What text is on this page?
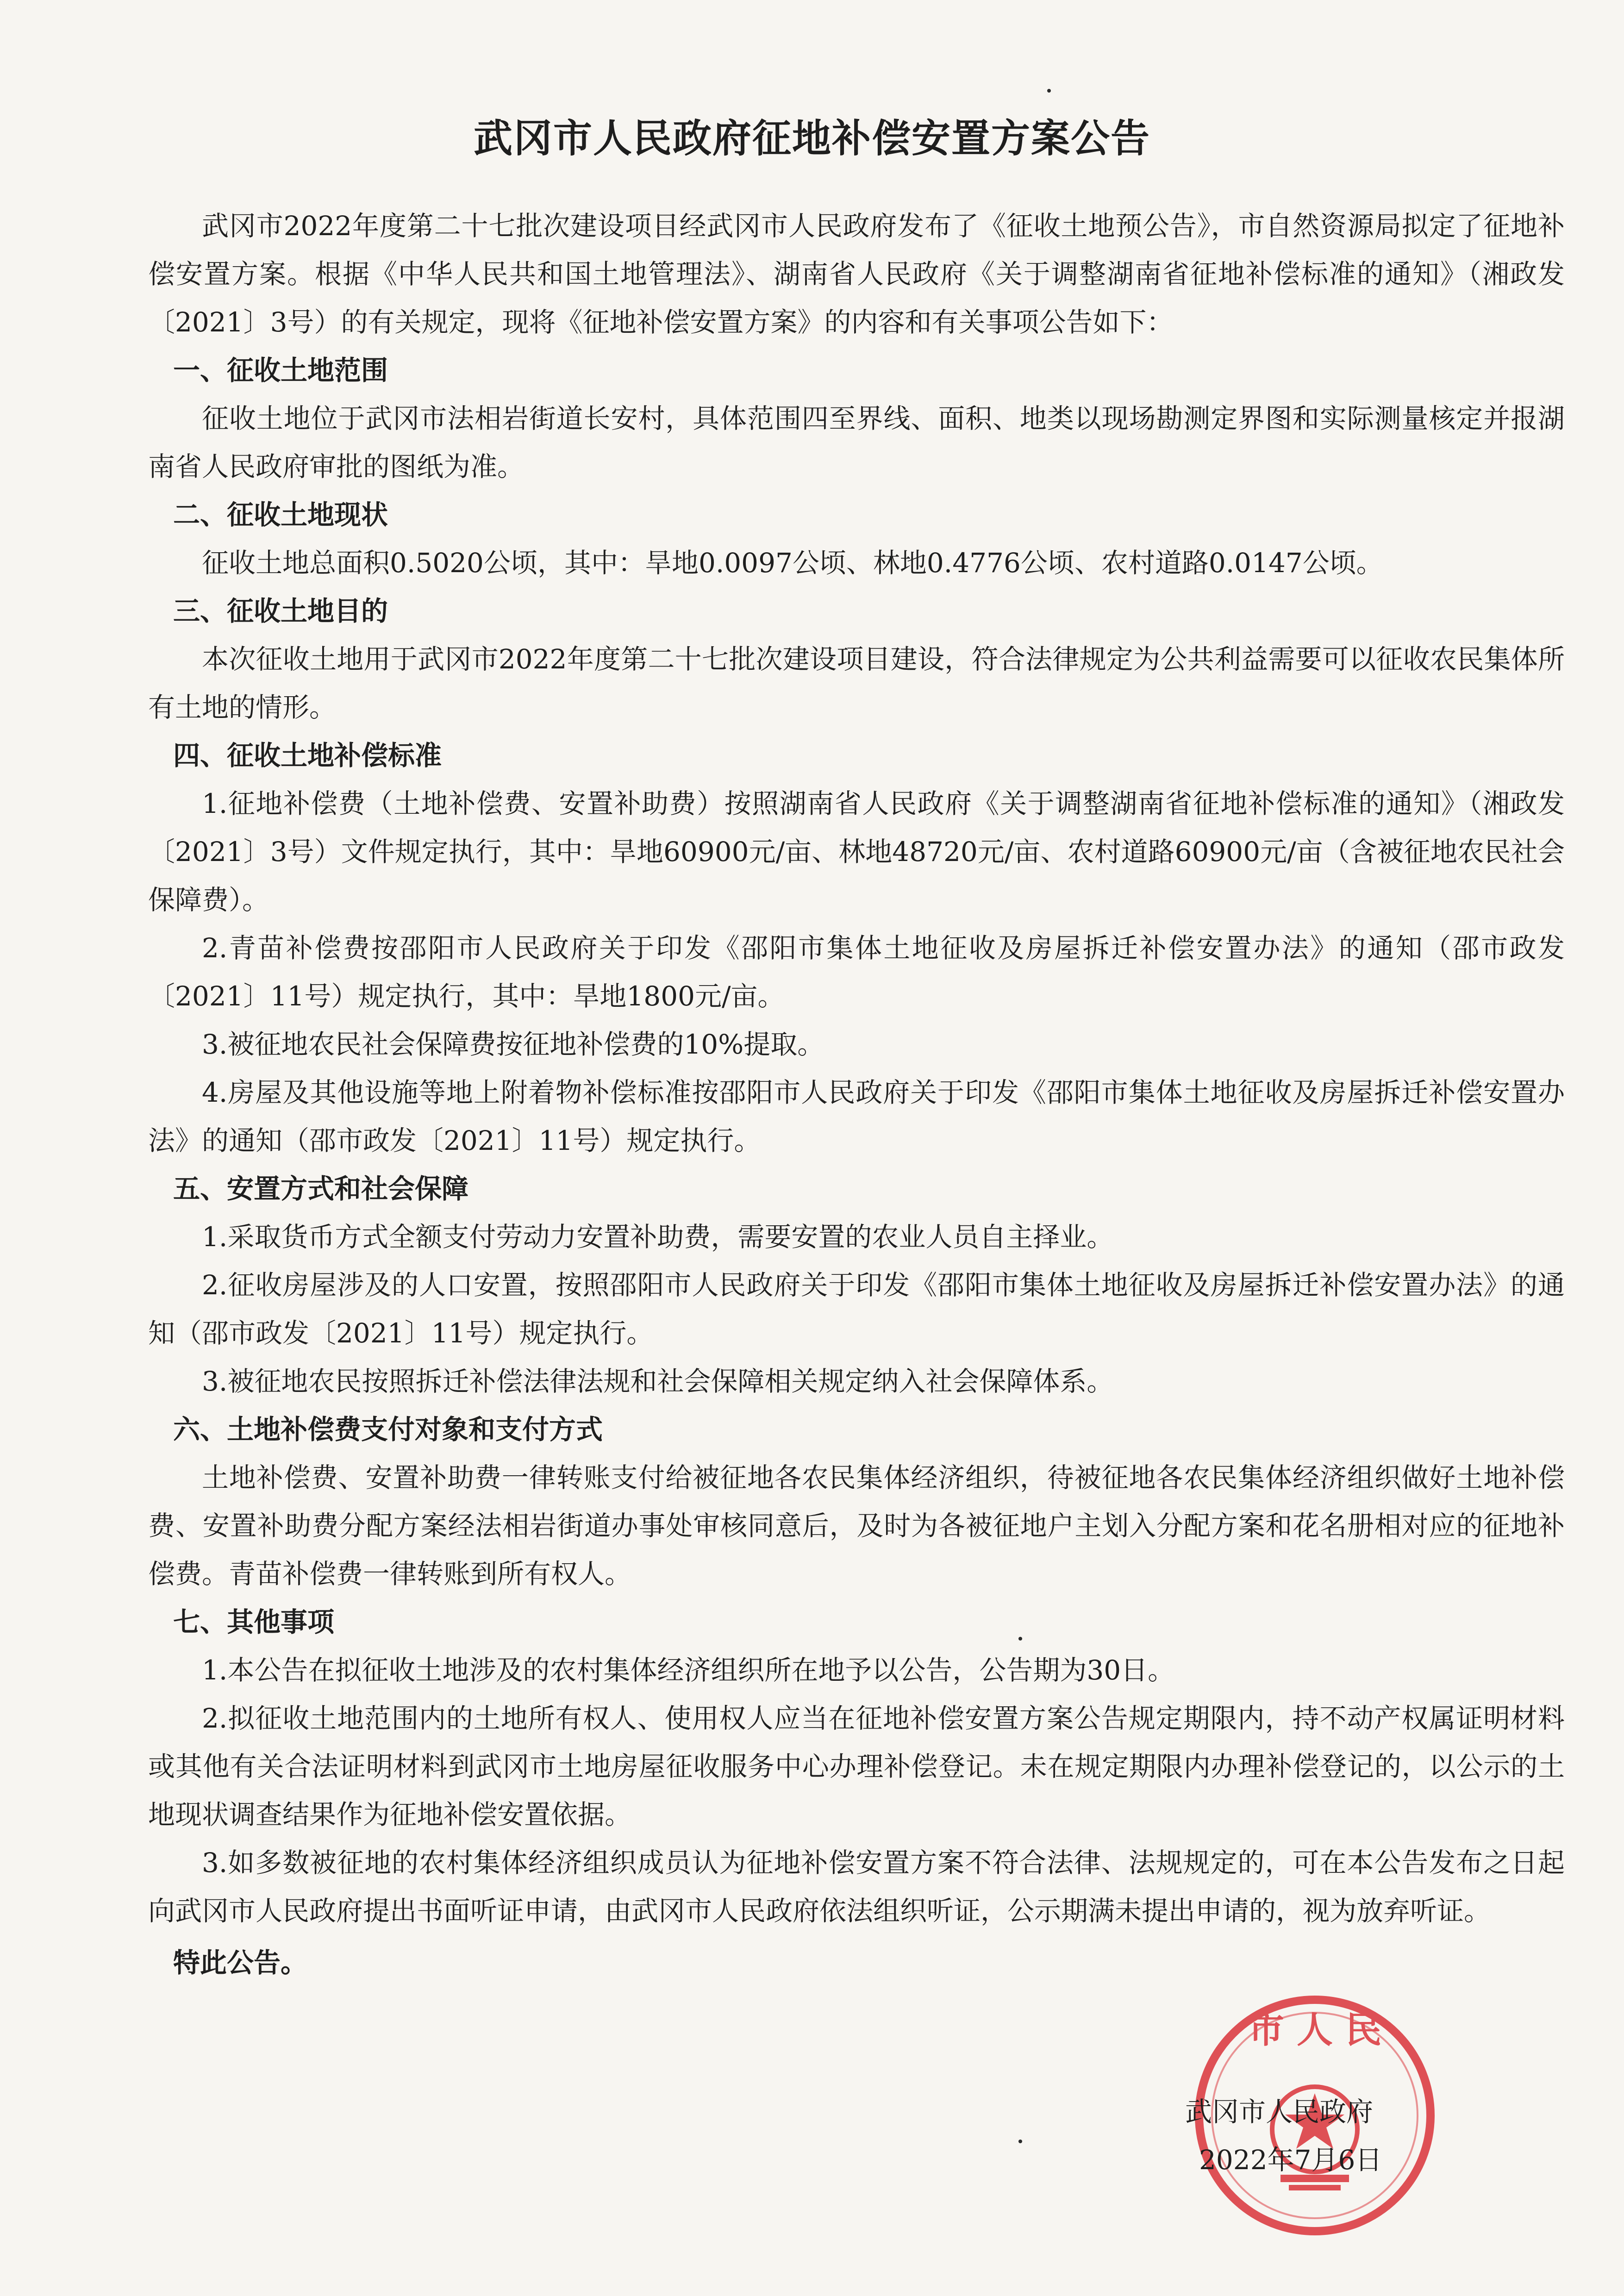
武冈市人民政府征地补偿安置方案公告

武冈市2022年度第二十七批次建设项目经武冈市人民政府发布了《征收土地预公告》，市自然资源局拟定了征地补偿安置方案。根据《中华人民共和国土地管理法》、湖南省人民政府《关于调整湖南省征地补偿标准的通知》（湘政发〔2021〕3号）的有关规定，现将《征地补偿安置方案》的内容和有关事项公告如下：

一、征收土地范围

征收土地位于武冈市法相岩街道长安村，具体范围四至界线、面积、地类以现场勘测定界图和实际测量核定并报湖南省人民政府审批的图纸为准。

二、征收土地现状

征收土地总面积0.5020公顷，其中：旱地0.0097公顷、林地0.4776公顷、农村道路0.0147公顷。

三、征收土地目的

本次征收土地用于武冈市2022年度第二十七批次建设项目建设，符合法律规定为公共利益需要可以征收农民集体所有土地的情形。

四、征收土地补偿标准

1.征地补偿费（土地补偿费、安置补助费）按照湖南省人民政府《关于调整湖南省征地补偿标准的通知》（湘政发〔2021〕3号）文件规定执行，其中：旱地60900元/亩、林地48720元/亩、农村道路60900元/亩（含被征地农民社会保障费）。

2.青苗补偿费按邵阳市人民政府关于印发《邵阳市集体土地征收及房屋拆迁补偿安置办法》的通知（邵市政发〔2021〕11号）规定执行，其中：旱地1800元/亩。

3.被征地农民社会保障费按征地补偿费的10%提取。

4.房屋及其他设施等地上附着物补偿标准按邵阳市人民政府关于印发《邵阳市集体土地征收及房屋拆迁补偿安置办法》的通知（邵市政发〔2021〕11号）规定执行。

五、安置方式和社会保障

1.采取货币方式全额支付劳动力安置补助费，需要安置的农业人员自主择业。

2.征收房屋涉及的人口安置，按照邵阳市人民政府关于印发《邵阳市集体土地征收及房屋拆迁补偿安置办法》的通知（邵市政发〔2021〕11号）规定执行。

3.被征地农民按照拆迁补偿法律法规和社会保障相关规定纳入社会保障体系。

六、土地补偿费支付对象和支付方式

土地补偿费、安置补助费一律转账支付给被征地各农民集体经济组织，待被征地各农民集体经济组织做好土地补偿费、安置补助费分配方案经法相岩街道办事处审核同意后，及时为各被征地户主划入分配方案和花名册相对应的征地补偿费。青苗补偿费一律转账到所有权人。

七、其他事项

1.本公告在拟征收土地涉及的农村集体经济组织所在地予以公告，公告期为30日。

2.拟征收土地范围内的土地所有权人、使用权人应当在征地补偿安置方案公告规定期限内，持不动产权属证明材料或其他有关合法证明材料到武冈市土地房屋征收服务中心办理补偿登记。未在规定期限内办理补偿登记的，以公示的土地现状调查结果作为征地补偿安置依据。

3.如多数被征地的农村集体经济组织成员认为征地补偿安置方案不符合法律、法规规定的，可在本公告发布之日起向武冈市人民政府提出书面听证申请，由武冈市人民政府依法组织听证，公示期满未提出申请的，视为放弃听证。

特此公告。

市 人 民
武冈市人民政府
2022年7月6日
